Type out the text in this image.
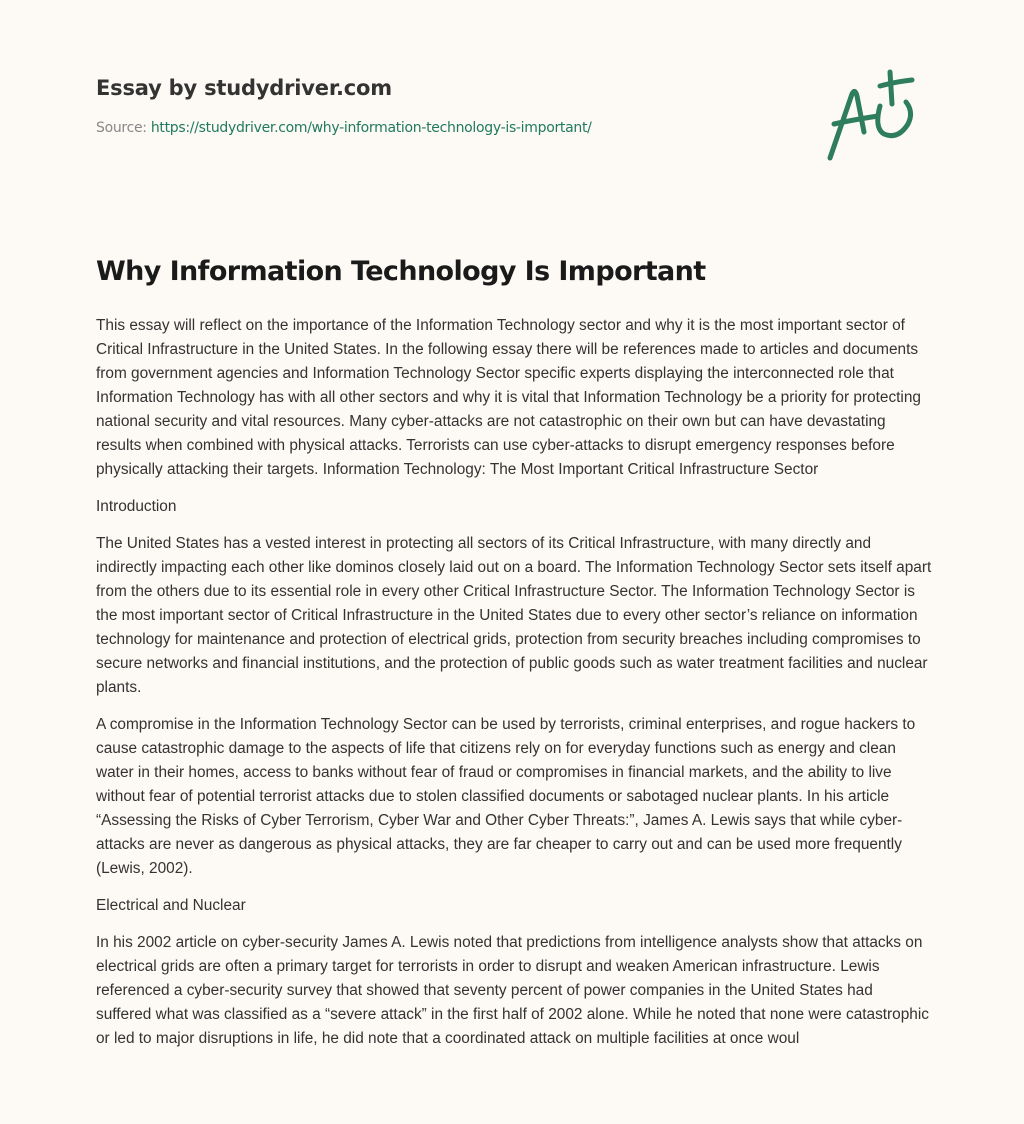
Essay by studydriver.com
Source: https://studydriver.com/why-information-technology-is-important/
Why Information Technology Is Important

This essay will reflect on the importance of the Information Technology sector and why it is the most important sector of Critical Infrastructure in the United States. In the following essay there will be references made to articles and documents from government agencies and Information Technology Sector specific experts displaying the interconnected role that Information Technology has with all other sectors and why it is vital that Information Technology be a priority for protecting national security and vital resources. Many cyber-attacks are not catastrophic on their own but can have devastating results when combined with physical attacks. Terrorists can use cyber-attacks to disrupt emergency responses before physically attacking their targets. Information Technology: The Most Important Critical Infrastructure Sector

Introduction

The United States has a vested interest in protecting all sectors of its Critical Infrastructure, with many directly and indirectly impacting each other like dominos closely laid out on a board. The Information Technology Sector sets itself apart from the others due to its essential role in every other Critical Infrastructure Sector. The Information Technology Sector is the most important sector of Critical Infrastructure in the United States due to every other sector’s reliance on information technology for maintenance and protection of electrical grids, protection from security breaches including compromises to secure networks and financial institutions, and the protection of public goods such as water treatment facilities and nuclear plants.

A compromise in the Information Technology Sector can be used by terrorists, criminal enterprises, and rogue hackers to cause catastrophic damage to the aspects of life that citizens rely on for everyday functions such as energy and clean water in their homes, access to banks without fear of fraud or compromises in financial markets, and the ability to live without fear of potential terrorist attacks due to stolen classified documents or sabotaged nuclear plants. In his article “Assessing the Risks of Cyber Terrorism, Cyber War and Other Cyber Threats:”, James A. Lewis says that while cyber-attacks are never as dangerous as physical attacks, they are far cheaper to carry out and can be used more frequently (Lewis, 2002).

Electrical and Nuclear

In his 2002 article on cyber-security James A. Lewis noted that predictions from intelligence analysts show that attacks on electrical grids are often a primary target for terrorists in order to disrupt and weaken American infrastructure. Lewis referenced a cyber-security survey that showed that seventy percent of power companies in the United States had suffered what was classified as a “severe attack” in the first half of 2002 alone. While he noted that none were catastrophic or led to major disruptions in life, he did note that a coordinated attack on multiple facilities at once woul
